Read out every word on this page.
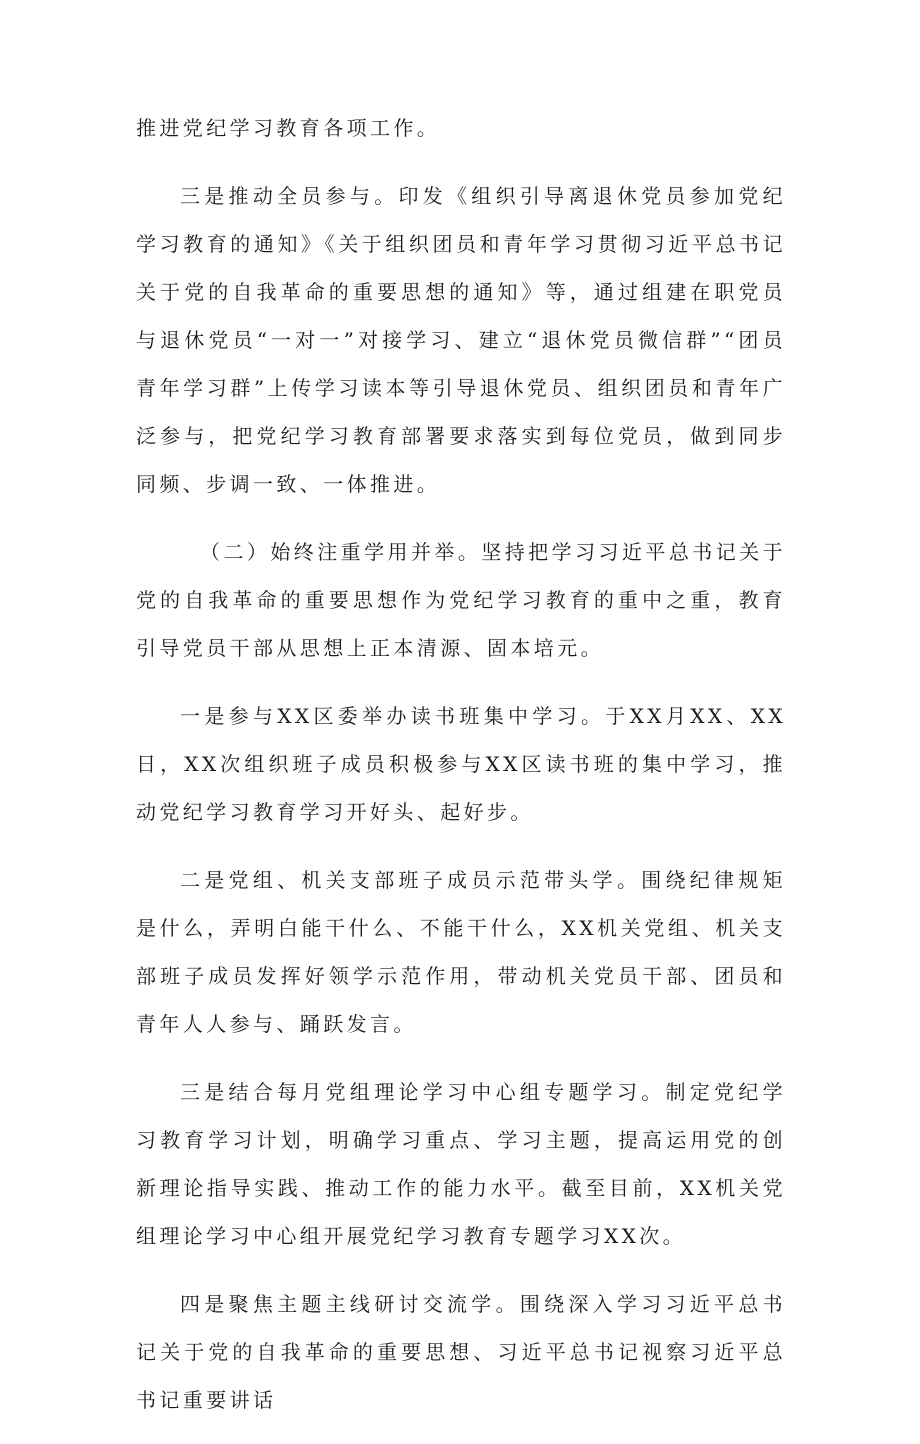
推进党纪学习教育各项工作。

三是推动全员参与。印发《组织引导离退休党员参加党纪学习教育的通知》《关于组织团员和青年学习贯彻习近平总书记关于党的自我革命的重要思想的通知》等，通过组建在职党员与退休党员“一对一”对接学习、建立“退休党员微信群”“团员青年学习群”上传学习读本等引导退休党员、组织团员和青年广泛参与，把党纪学习教育部署要求落实到每位党员，做到同步同频、步调一致、一体推进。

（二）始终注重学用并举。坚持把学习习近平总书记关于党的自我革命的重要思想作为党纪学习教育的重中之重，教育引导党员干部从思想上正本清源、固本培元。

一是参与XX区委举办读书班集中学习。于XX月XX、XX日，XX次组织班子成员积极参与XX区读书班的集中学习，推动党纪学习教育学习开好头、起好步。

二是党组、机关支部班子成员示范带头学。围绕纪律规矩是什么，弄明白能干什么、不能干什么，XX机关党组、机关支部班子成员发挥好领学示范作用，带动机关党员干部、团员和青年人人参与、踊跃发言。

三是结合每月党组理论学习中心组专题学习。制定党纪学习教育学习计划，明确学习重点、学习主题，提高运用党的创新理论指导实践、推动工作的能力水平。截至目前，XX机关党组理论学习中心组开展党纪学习教育专题学习XX次。

四是聚焦主题主线研讨交流学。围绕深入学习习近平总书记关于党的自我革命的重要思想、习近平总书记视察习近平总书记重要讲话
